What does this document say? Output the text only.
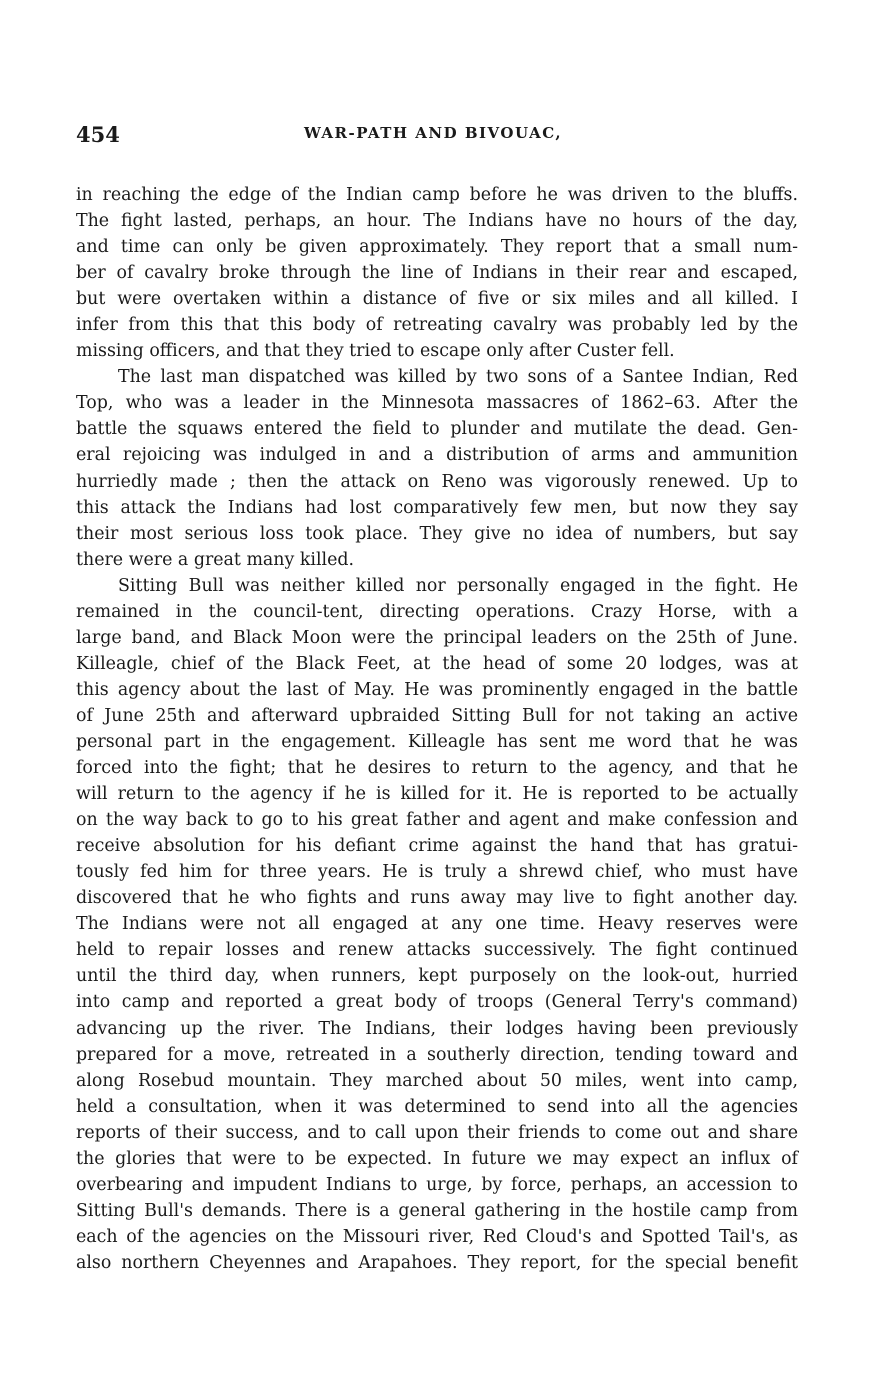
454	WAR-PATH AND BIVOUAC,
in reaching the edge of the Indian camp before he was driven to the bluffs.
The fight lasted, perhaps, an hour. The Indians have no hours of the day,
and time can only be given approximately. They report that a small num-
ber of cavalry broke through the line of Indians in their rear and escaped,
but were overtaken within a distance of five or six miles and all killed. I
infer from this that this body of retreating cavalry was probably led by the
missing officers, and that they tried to escape only after Custer fell.
The last man dispatched was killed by two sons of a Santee Indian, Red
Top, who was a leader in the Minnesota massacres of 1862–63. After the
battle the squaws entered the field to plunder and mutilate the dead. Gen-
eral rejoicing was indulged in and a distribution of arms and ammunition
hurriedly made ; then the attack on Reno was vigorously renewed. Up to
this attack the Indians had lost comparatively few men, but now they say
their most serious loss took place. They give no idea of numbers, but say
there were a great many killed.
Sitting Bull was neither killed nor personally engaged in the fight. He
remained in the council-tent, directing operations. Crazy Horse, with a
large band, and Black Moon were the principal leaders on the 25th of June.
Killeagle, chief of the Black Feet, at the head of some 20 lodges, was at
this agency about the last of May. He was prominently engaged in the battle
of June 25th and afterward upbraided Sitting Bull for not taking an active
personal part in the engagement. Killeagle has sent me word that he was
forced into the fight; that he desires to return to the agency, and that he
will return to the agency if he is killed for it. He is reported to be actually
on the way back to go to his great father and agent and make confession and
receive absolution for his defiant crime against the hand that has gratui-
tously fed him for three years. He is truly a shrewd chief, who must have
discovered that he who fights and runs away may live to fight another day.
The Indians were not all engaged at any one time. Heavy reserves were
held to repair losses and renew attacks successively. The fight continued
until the third day, when runners, kept purposely on the look-out, hurried
into camp and reported a great body of troops (General Terry's command)
advancing up the river. The Indians, their lodges having been previously
prepared for a move, retreated in a southerly direction, tending toward and
along Rosebud mountain. They marched about 50 miles, went into camp,
held a consultation, when it was determined to send into all the agencies
reports of their success, and to call upon their friends to come out and share
the glories that were to be expected. In future we may expect an influx of
overbearing and impudent Indians to urge, by force, perhaps, an accession to
Sitting Bull's demands. There is a general gathering in the hostile camp from
each of the agencies on the Missouri river, Red Cloud's and Spotted Tail's, as
also northern Cheyennes and Arapahoes. They report, for the special benefit
